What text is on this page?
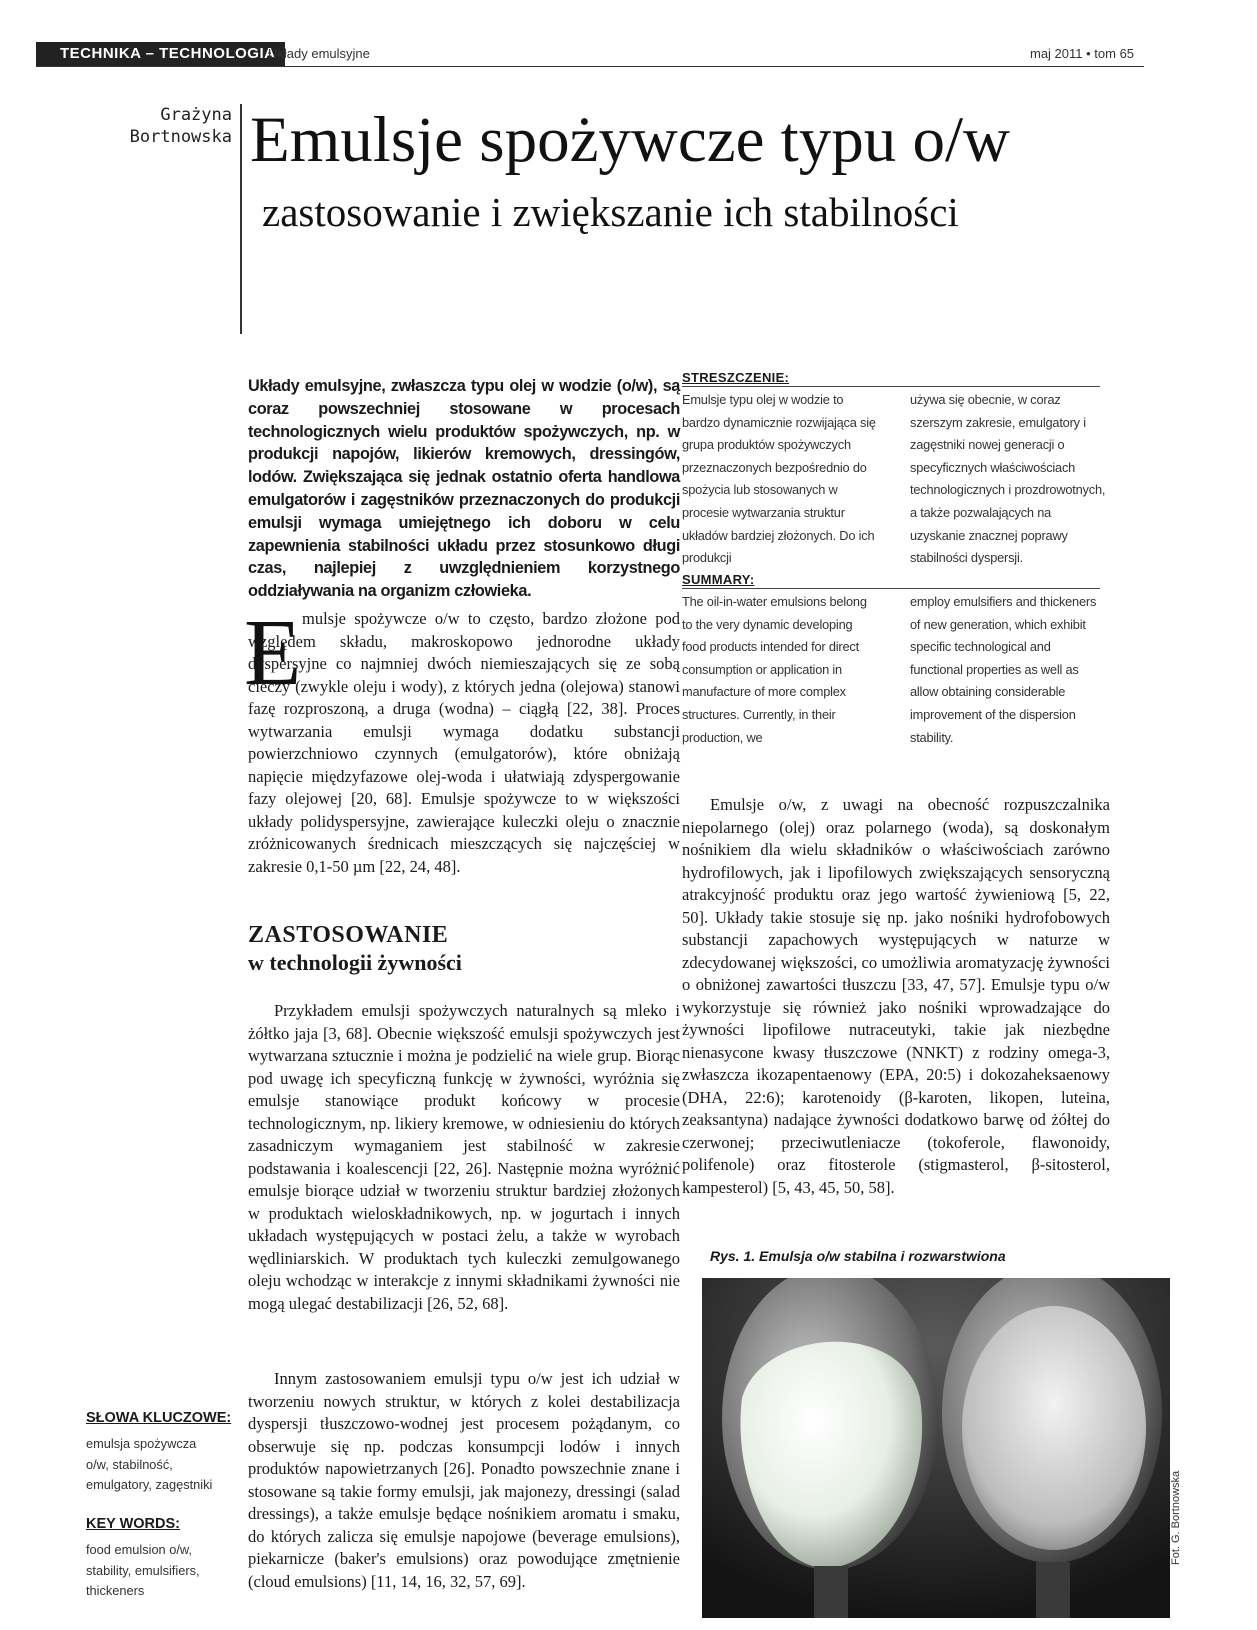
TECHNIKA – TECHNOLOGIA
Układy emulsyjne	maj 2011 • tom 65
Grażyna
Bortnowska Emulsje spożywcze typu o/w
zastosowanie i zwiększanie ich stabilności
Układy emulsyjne, zwłaszcza typu olej w wodzie (o/w), są coraz powszechniej stosowane w procesach technologicznych wielu produktów spożywczych, np. w produkcji napojów, likierów kremowych, dressingów, lodów. Zwiększająca się jednak ostatnio oferta handlowa emulgatorów i zagęstników przeznaczonych do produkcji emulsji wymaga umiejętnego ich doboru w celu zapewnienia stabilności układu przez stosunkowo długi czas, najlepiej z uwzględnieniem korzystnego oddziaływania na organizm człowieka.
STRESZCZENIE:
Emulsje typu olej w wodzie to bardzo dynamicznie rozwijająca się grupa produktów spożywczych przeznaczonych bezpośrednio do spożycia lub stosowanych w procesie wytwarzania struktur układów bardziej złożonych. Do ich produkcji
używa się obecnie, w coraz szerszym zakresie, emulgatory i zagęstniki nowej generacji o specyficznych właściwościach technologicznych i prozdrowotnych, a także pozwalających na uzyskanie znacznej poprawy stabilności dyspersji.
SUMMARY:
The oil-in-water emulsions belong to the very dynamic developing food products intended for direct consumption or application in manufacture of more complex structures. Currently, in their production, we
employ emulsifiers and thickeners of new generation, which exhibit specific technological and functional properties as well as allow obtaining considerable improvement of the dispersion stability.
E mulsje spożywcze o/w to często, bardzo złożone pod względem składu, makroskopowo jednorodne układy dyspersyjne co najmniej dwóch niemieszających się ze sobą cieczy (zwykle oleju i wody), z których jedna (olejowa) stanowi fazę rozproszoną, a druga (wodna) – ciągłą [22, 38]. Proces wytwarzania emulsji wymaga dodatku substancji powierzchniowo czynnych (emulgatorów), które obniżają napięcie międzyfazowe olej-woda i ułatwiają zdyspergowanie fazy olejowej [20, 68]. Emulsje spożywcze to w większości układy polidyspersyjne, zawierające kuleczki oleju o znacznie zróżnicowanych średnicach mieszczących się najczęściej w zakresie 0,1-50 µm [22, 24, 48].
ZASTOSOWANIE
w technologii żywności
Przykładem emulsji spożywczych naturalnych są mleko i żółtko jaja [3, 68]. Obecnie większość emulsji spożywczych jest wytwarzana sztucznie i można je podzielić na wiele grup. Biorąc pod uwagę ich specyficzną funkcję w żywności, wyróżnia się emulsje stanowiące produkt końcowy w procesie technologicznym, np. likiery kremowe, w odniesieniu do których zasadniczym wymaganiem jest stabilność w zakresie podstawania i koalescencji [22, 26]. Następnie można wyróżnić emulsje biorące udział w tworzeniu struktur bardziej złożonych w produktach wieloskładnikowych, np. w jogurtach i innych układach występujących w postaci żelu, a także w wyrobach wędliniarskich. W produktach tych kuleczki zemulgowanego oleju wchodząc w interakcje z innymi składnikami żywności nie mogą ulegać destabilizacji [26, 52, 68].
Innym zastosowaniem emulsji typu o/w jest ich udział w tworzeniu nowych struktur, w których z kolei destabilizacja dyspersji tłuszczowo-wodnej jest procesem pożądanym, co obserwuje się np. podczas konsumpcji lodów i innych produktów napowietrzanych [26]. Ponadto powszechnie znane i stosowane są takie formy emulsji, jak majonezy, dressingi (salad dressings), a także emulsje będące nośnikiem aromatu i smaku, do których zalicza się emulsje napojowe (beverage emulsions), piekarnicze (baker's emulsions) oraz powodujące zmętnienie (cloud emulsions) [11, 14, 16, 32, 57, 69].
Emulsje o/w, z uwagi na obecność rozpuszczalnika niepolarnego (olej) oraz polarnego (woda), są doskonałym nośnikiem dla wielu składników o właściwościach zarówno hydrofilowych, jak i lipofilowych zwiększających sensoryczną atrakcyjność produktu oraz jego wartość żywieniową [5, 22, 50]. Układy takie stosuje się np. jako nośniki hydrofobowych substancji zapachowych występujących w naturze w zdecydowanej większości, co umożliwia aromatyzację żywności o obniżonej zawartości tłuszczu [33, 47, 57]. Emulsje typu o/w wykorzystuje się również jako nośniki wprowadzające do żywności lipofilowe nutraceutyki, takie jak niezbędne nienasycone kwasy tłuszczowe (NNKT) z rodziny omega-3, zwłaszcza ikozapentaenowy (EPA, 20:5) i dokozaheksaenowy (DHA, 22:6); karotenoidy (β-karoten, likopen, luteina, zeaksantyna) nadające żywności dodatkowo barwę od żółtej do czerwonej; przeciwutleniacze (tokoferole, flawonoidy, polifenole) oraz fitosterole (stigmasterol, β-sitosterol, kampesterol) [5, 43, 45, 50, 58].
Rys. 1. Emulsja o/w stabilna i rozwarstwiona
Fot. G. Bortnowska
SŁOWA KLUCZOWE:
emulsja spożywcza o/w, stabilność, emulgatory, zagęstniki
KEY WORDS:
food emulsion o/w, stability, emulsifiers, thickeners
